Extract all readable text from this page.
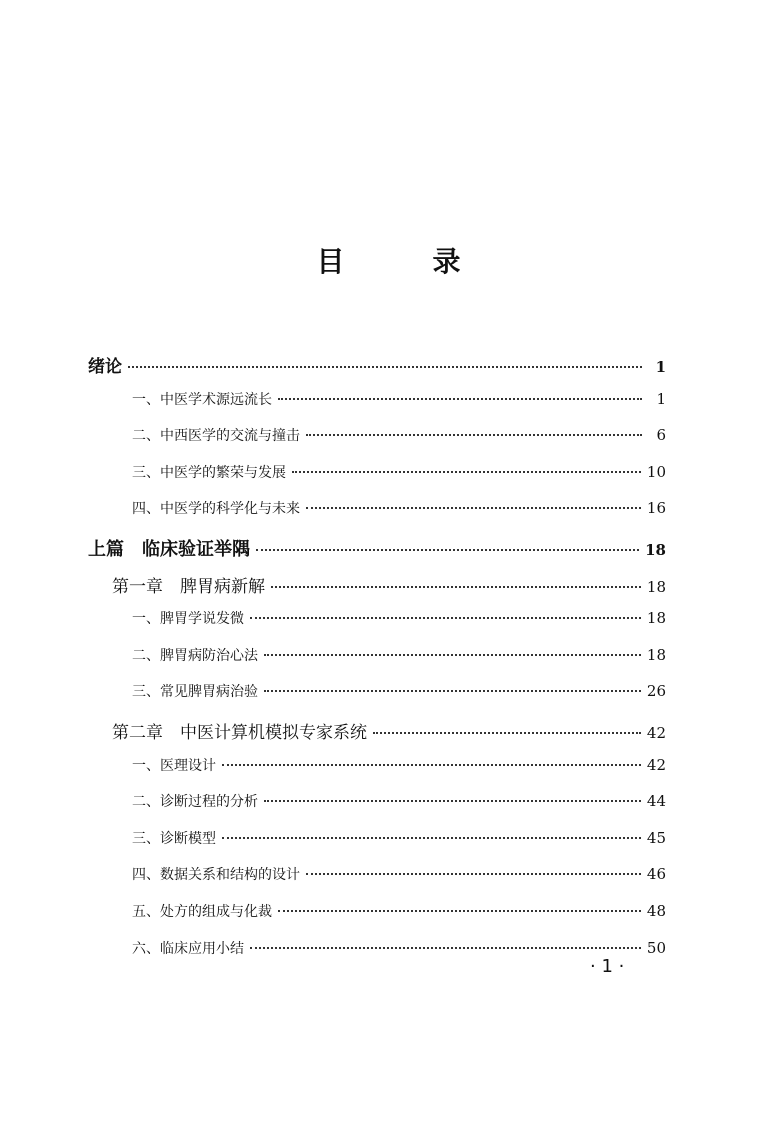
目　录
绪论	1
一、中医学术源远流长	1
二、中西医学的交流与撞击	6
三、中医学的繁荣与发展	10
四、中医学的科学化与未来	16
上篇　临床验证举隅	18
第一章　脾胃病新解	18
一、脾胃学说发微	18
二、脾胃病防治心法	18
三、常见脾胃病治验	26
第二章　中医计算机模拟专家系统	42
一、医理设计	42
二、诊断过程的分析	44
三、诊断模型	45
四、数据关系和结构的设计	46
五、处方的组成与化裁	48
六、临床应用小结	50
· 1 ·
